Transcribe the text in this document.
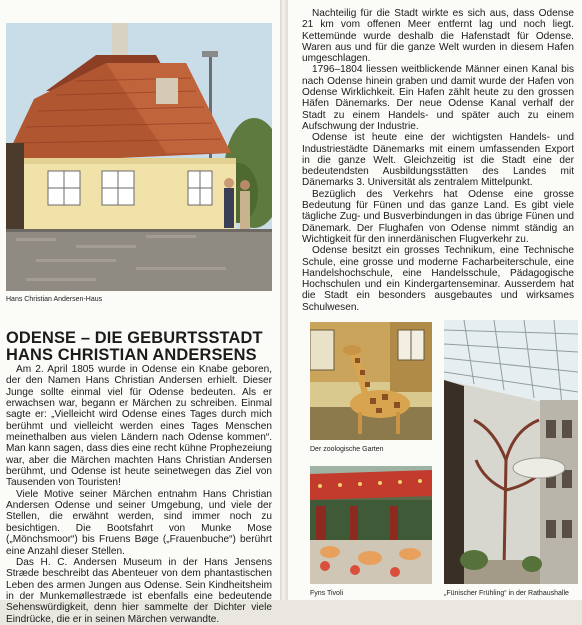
Hans Christian Andersen-Haus
ODENSE – DIE GEBURTSSTADT
HANS CHRISTIAN ANDERSENS

Am 2. April 1805 wurde in Odense ein Knabe geboren, der den Namen Hans Christian Andersen erhielt. Dieser Junge sollte einmal viel für Odense bedeuten. Als er erwachsen war, begann er Märchen zu schreiben. Einmal sagte er: „Vielleicht wird Odense eines Tages durch mich berühmt und vielleicht werden eines Tages Menschen meinethalben aus vielen Ländern nach Odense kommen“. Man kann sagen, dass dies eine recht kühne Prophezeiung war, aber die Märchen machten Hans Christian Andersen berühmt, und Odense ist heute seinetwegen das Ziel von Tausenden von Touristen!

Viele Motive seiner Märchen entnahm Hans Christian Andersen Odense und seiner Umgebung, und viele der Stellen, die erwähnt werden, sind immer noch zu besichtigen. Die Bootsfahrt von Munke Mose („Mönchsmoor“) bis Fruens Bøge („Frauenbuche“) berührt eine Anzahl dieser Stellen.

Das H. C. Andersen Museum in der Hans Jensens Stræde beschreibt das Abenteuer von dem phantastischen Leben des armen Jungen aus Odense. Sein Kindheitsheim in der Munkemøllestræde ist ebenfalls eine bedeutende Sehenswürdigkeit, denn hier sammelte der Dichter viele Eindrücke, die er in seinen Märchen verwandte.

Nachteilig für die Stadt wirkte es sich aus, dass Odense 21 km vom offenen Meer entfernt lag und noch liegt. Kettemünde wurde deshalb die Hafenstadt für Odense. Waren aus und für die ganze Welt wurden in diesem Hafen umgeschlagen.

1796–1804 liessen weitblickende Männer einen Kanal bis nach Odense hinein graben und damit wurde der Hafen von Odense Wirklichkeit. Ein Hafen zählt heute zu den grossen Häfen Dänemarks. Der neue Odense Kanal verhalf der Stadt zu einem Handels- und später auch zu einem Aufschwung der Industrie.

Odense ist heute eine der wichtigsten Handels- und Industriestädte Dänemarks mit einem umfassenden Export in die ganze Welt. Gleichzeitig ist die Stadt eine der bedeutendsten Ausbildungsstätten des Landes mit Dänemarks 3. Universität als zentralem Mittelpunkt.

Bezüglich des Verkehrs hat Odense eine grosse Bedeutung für Fünen und das ganze Land. Es gibt viele tägliche Zug- und Busverbindungen in das übrige Fünen und Dänemark. Der Flughafen von Odense nimmt ständig an Wichtigkeit für den innerdänischen Flugverkehr zu.

Odense besitzt ein grosses Technikum, eine Technische Schule, eine grosse und moderne Facharbeiterschule, eine Handelshochschule, eine Handelsschule, Pädagogische Hochschulen und ein Kindergartenseminar. Ausserdem hat die Stadt ein besonders ausgebautes und wirksames Schulwesen.

Der zoologische Garten
Fyns Tivoli	„Fünischer Frühling“ in der Rathaushalle
